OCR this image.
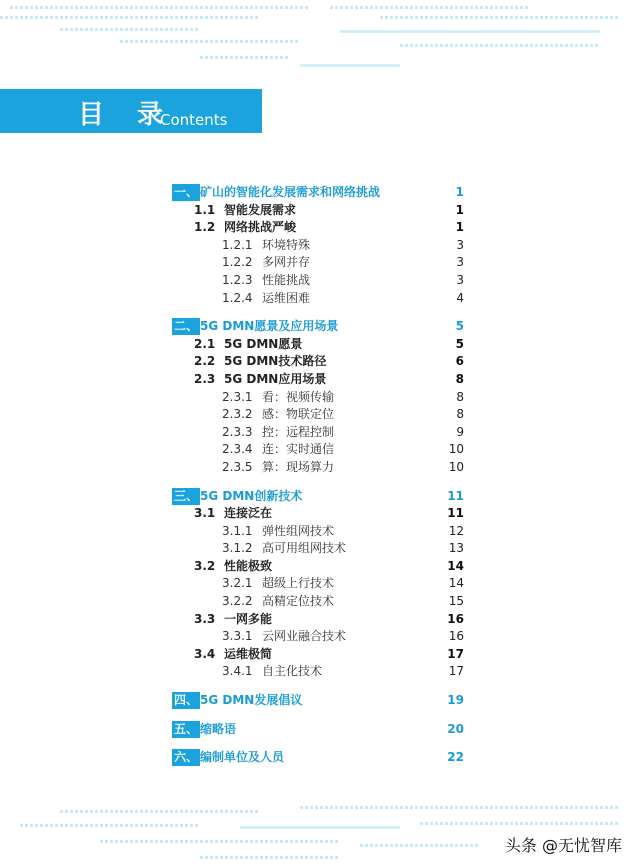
目 录
Contents
一、 矿山的智能化发展需求和网络挑战	1
1.1 智能发展需求	1
1.2 网络挑战严峻	1
1.2.1 环境特殊	3
1.2.2 多网并存	3
1.2.3 性能挑战	3
1.2.4 运维困难	4
二、 5G DMN愿景及应用场景	5
2.1 5G DMN愿景	5
2.2 5G DMN技术路径	6
2.3 5G DMN应用场景	8
2.3.1 看：视频传输	8
2.3.2 感：物联定位	8
2.3.3 控：远程控制	9
2.3.4 连：实时通信	10
2.3.5 算：现场算力	10
三、 5G DMN创新技术	11
3.1 连接泛在	11
3.1.1 弹性组网技术	12
3.1.2 高可用组网技术	13
3.2 性能极致	14
3.2.1 超级上行技术	14
3.2.2 高精定位技术	15
3.3 一网多能	16
3.3.1 云网业融合技术	16
3.4 运维极简	17
3.4.1 自主化技术	17
四、 5G DMN发展倡议	19
五、 缩略语	20
六、 编制单位及人员	22
头条 @无忧智库
